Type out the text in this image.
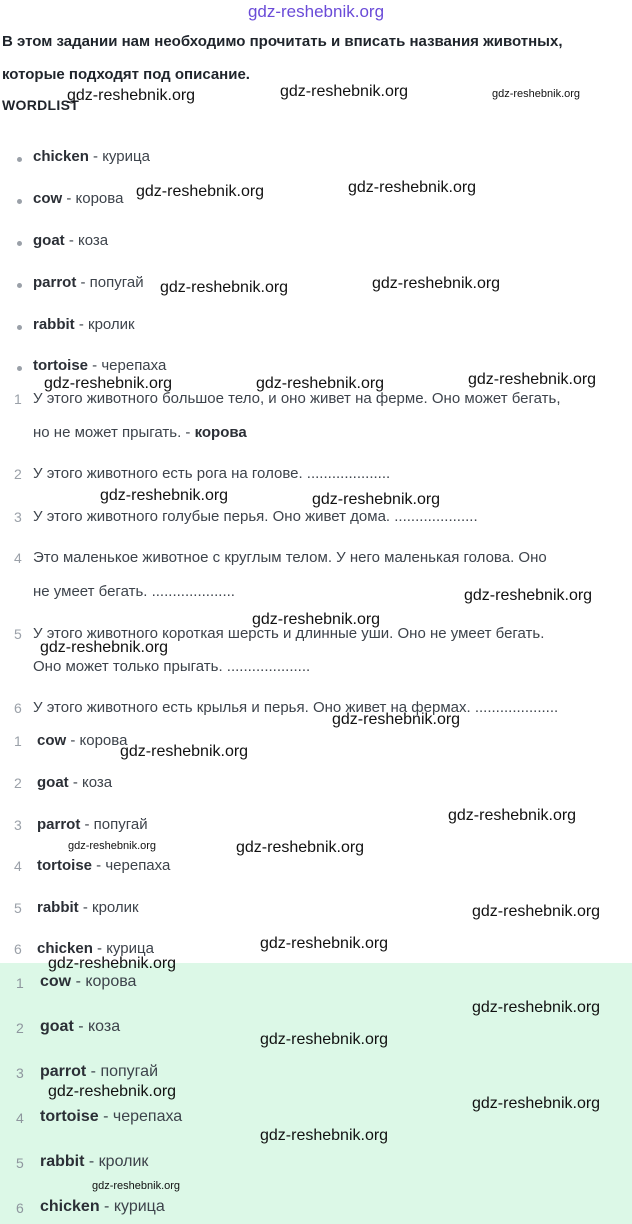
gdz-reshebnik.org
В этом задании нам необходимо прочитать и вписать названия животных,
которые подходят под описание.
WORDLIST
chicken - курица
cow - корова
goat - коза
parrot - попугай
rabbit - кролик
tortoise - черепаха
1 У этого животного большое тело, и оно живет на ферме. Оно может бегать,
но не может прыгать. - корова
2 У этого животного есть рога на голове. ....................
3 У этого животного голубые перья. Оно живет дома. ....................
4 Это маленькое животное с круглым телом. У него маленькая голова. Оно
не умеет бегать. ....................
5 У этого животного короткая шерсть и длинные уши. Оно не умеет бегать.
Оно может только прыгать. ....................
6 У этого животного есть крылья и перья. Оно живет на фермах. ....................
1 cow - корова
2 goat - коза
3 parrot - попугай
4 tortoise - черепаха
5 rabbit - кролик
6 chicken - курица
1 cow - корова
2 goat - коза
3 parrot - попугай
4 tortoise - черепаха
5 rabbit - кролик
6 chicken - курица
gdz-reshebnik.org	gdz-reshebnik.org	gdz-reshebnik.org
gdz-reshebnik.org	gdz-reshebnik.org
gdz-reshebnik.org	gdz-reshebnik.org
gdz-reshebnik.org	gdz-reshebnik.org	gdz-reshebnik.org
gdz-reshebnik.org	gdz-reshebnik.org
gdz-reshebnik.org
gdz-reshebnik.org
gdz-reshebnik.org
gdz-reshebnik.org
gdz-reshebnik.org
gdz-reshebnik.org
gdz-reshebnik.org	gdz-reshebnik.org
gdz-reshebnik.org
gdz-reshebnik.org
gdz-reshebnik.org
gdz-reshebnik.org
gdz-reshebnik.org
gdz-reshebnik.org
gdz-reshebnik.org
gdz-reshebnik.org
gdz-reshebnik.org
